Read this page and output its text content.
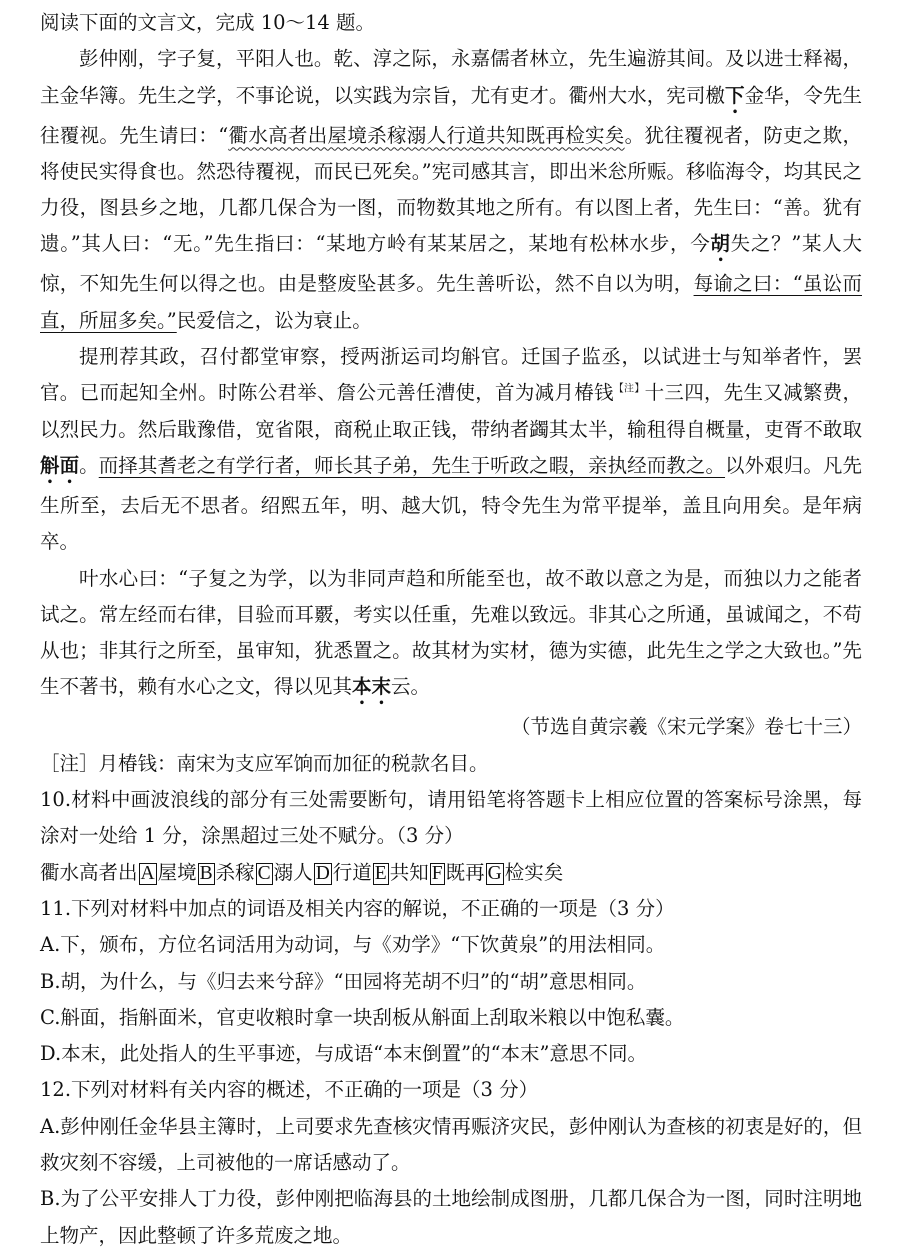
阅读下面的文言文，完成 10～14 题。

彭仲刚，字子复，平阳人也。乾、淳之际，永嘉儒者林立，先生遍游其间。及以进士释褐，主金华簿。先生之学，不事论说，以实践为宗旨，尤有吏才。衢州大水，宪司檄下金华，令先生往覆视。先生请曰：“衢水高者出屋境杀稼溺人行道共知既再检实矣。犹往覆视者，防吏之欺，将使民实得食也。然恐待覆视，而民已死矣。”宪司感其言，即出米忩所赈。移临海令，均其民之力役，图县乡之地，几都几保合为一图，而物数其地之所有。有以图上者，先生曰：“善。犹有遗。”其人曰：“无。”先生指曰：“某地方岭有某某居之，某地有松林水步，今胡失之？”某人大惊，不知先生何以得之也。由是整废坠甚多。先生善听讼，然不自以为明，每谕之曰：“虽讼而直，所屈多矣。”民爱信之，讼为衰止。

提刑荐其政，召付都堂审察，授两浙运司均斛官。迁国子监丞，以试进士与知举者忤，罢官。已而起知全州。时陈公君举、詹公元善任漕使，首为减月椿钱$^{【注】}$十三四，先生又减繁费，以烈民力。然后戢豫借，宽省限，商税止取正钱，带纳者蠲其太半，输租得自概量，吏胥不敢取斛面。而择其耆老之有学行者，师长其子弟，先生于听政之暇，亲执经而教之。以外艰归。凡先生所至，去后无不思者。绍熙五年，明、越大饥，特令先生为常平提举，盖且向用矣。是年病卒。

叶水心曰：“子复之为学，以为非同声趋和所能至也，故不敢以意之为是，而独以力之能者试之。常左经而右律，目验而耳覈，考实以任重，先难以致远。非其心之所通，虽诚闻之，不苟从也；非其行之所至，虽审知，犹悉置之。故其材为实材，德为实德，此先生之学之大致也。”先生不著书，赖有水心之文，得以见其本末云。

（节选自黄宗羲《宋元学案》卷七十三）

［注］月椿钱：南宋为支应军饷而加征的税款名目。

10.材料中画波浪线的部分有三处需要断句，请用铅笔将答题卡上相应位置的答案标号涂黑，每涂对一处给 1 分，涂黑超过三处不赋分。（3 分）

衢水高者出 A 屋境 B 杀稼 C 溺人 D 行道 E 共知 F 既再 G 检实矣

11.下列对材料中加点的词语及相关内容的解说，不正确的一项是（3 分）

A.下，颁布，方位名词活用为动词，与《劝学》“下饮黄泉”的用法相同。

B.胡，为什么，与《归去来兮辞》“田园将芜胡不归”的“胡”意思相同。

C.斛面，指斛面米，官吏收粮时拿一块刮板从斛面上刮取米粮以中饱私囊。

D.本末，此处指人的生平事迹，与成语“本末倒置”的“本末”意思不同。

12.下列对材料有关内容的概述，不正确的一项是（3 分）

A.彭仲刚任金华县主簿时，上司要求先查核灾情再赈济灾民，彭仲刚认为查核的初衷是好的，但救灾刻不容缓，上司被他的一席话感动了。

B.为了公平安排人丁力役，彭仲刚把临海县的土地绘制成图册，几都几保合为一图，同时注明地上物产，因此整顿了许多荒废之地。
